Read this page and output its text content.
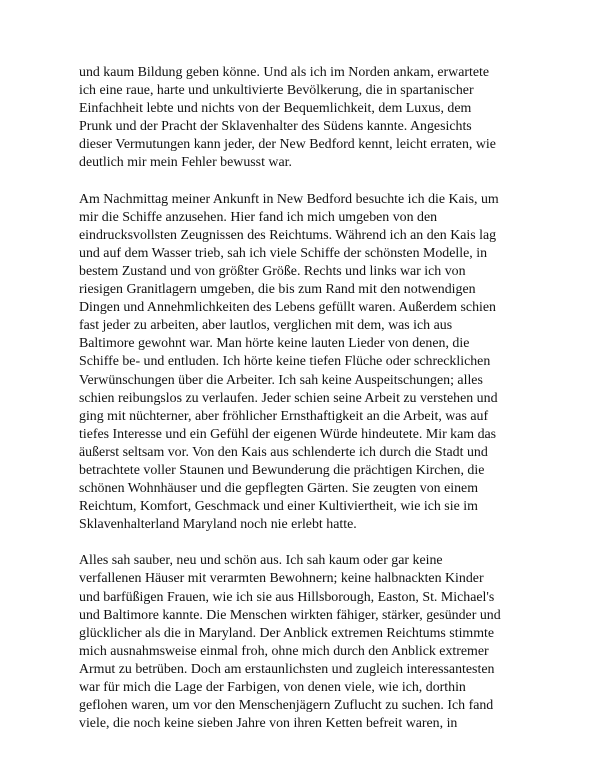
und kaum Bildung geben könne. Und als ich im Norden ankam, erwartete
ich eine raue, harte und unkultivierte Bevölkerung, die in spartanischer
Einfachheit lebte und nichts von der Bequemlichkeit, dem Luxus, dem
Prunk und der Pracht der Sklavenhalter des Südens kannte. Angesichts
dieser Vermutungen kann jeder, der New Bedford kennt, leicht erraten, wie
deutlich mir mein Fehler bewusst war.

Am Nachmittag meiner Ankunft in New Bedford besuchte ich die Kais, um
mir die Schiffe anzusehen. Hier fand ich mich umgeben von den
eindrucksvollsten Zeugnissen des Reichtums. Während ich an den Kais lag
und auf dem Wasser trieb, sah ich viele Schiffe der schönsten Modelle, in
bestem Zustand und von größter Größe. Rechts und links war ich von
riesigen Granitlagern umgeben, die bis zum Rand mit den notwendigen
Dingen und Annehmlichkeiten des Lebens gefüllt waren. Außerdem schien
fast jeder zu arbeiten, aber lautlos, verglichen mit dem, was ich aus
Baltimore gewohnt war. Man hörte keine lauten Lieder von denen, die
Schiffe be- und entluden. Ich hörte keine tiefen Flüche oder schrecklichen
Verwünschungen über die Arbeiter. Ich sah keine Auspeitschungen; alles
schien reibungslos zu verlaufen. Jeder schien seine Arbeit zu verstehen und
ging mit nüchterner, aber fröhlicher Ernsthaftigkeit an die Arbeit, was auf
tiefes Interesse und ein Gefühl der eigenen Würde hindeutete. Mir kam das
äußerst seltsam vor. Von den Kais aus schlenderte ich durch die Stadt und
betrachtete voller Staunen und Bewunderung die prächtigen Kirchen, die
schönen Wohnhäuser und die gepflegten Gärten. Sie zeugten von einem
Reichtum, Komfort, Geschmack und einer Kultiviertheit, wie ich sie im
Sklavenhalterland Maryland noch nie erlebt hatte.

Alles sah sauber, neu und schön aus. Ich sah kaum oder gar keine
verfallenen Häuser mit verarmten Bewohnern; keine halbnackten Kinder
und barfüßigen Frauen, wie ich sie aus Hillsborough, Easton, St. Michael's
und Baltimore kannte. Die Menschen wirkten fähiger, stärker, gesünder und
glücklicher als die in Maryland. Der Anblick extremen Reichtums stimmte
mich ausnahmsweise einmal froh, ohne mich durch den Anblick extremer
Armut zu betrüben. Doch am erstaunlichsten und zugleich interessantesten
war für mich die Lage der Farbigen, von denen viele, wie ich, dorthin
geflohen waren, um vor den Menschenjägern Zuflucht zu suchen. Ich fand
viele, die noch keine sieben Jahre von ihren Ketten befreit waren, in
